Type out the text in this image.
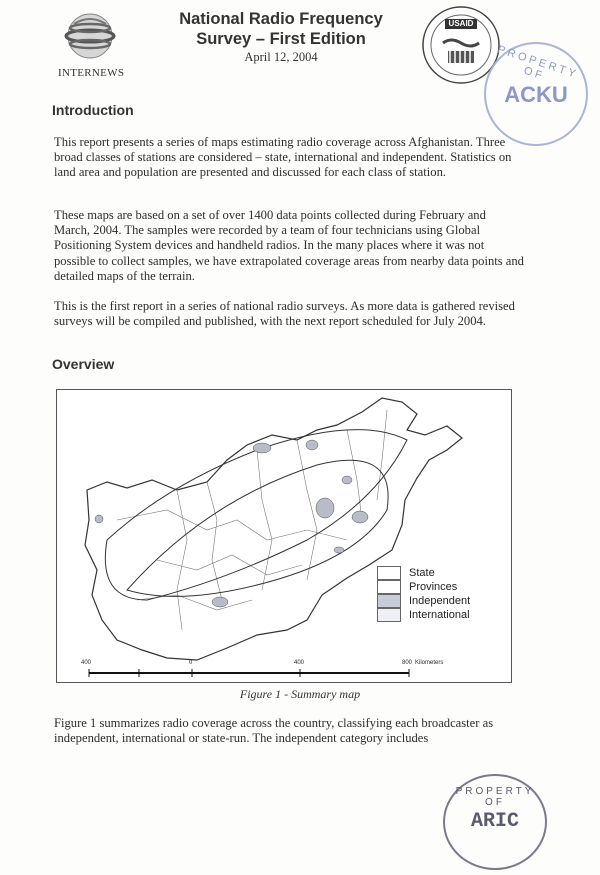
INTERNEWS
National Radio Frequency
Survey – First Edition
April 12, 2004
USAID
PROPERTY OF
ACKU
Introduction

This report presents a series of maps estimating radio coverage across Afghanistan. Three broad classes of stations are considered – state, international and independent. Statistics on land area and population are presented and discussed for each class of station.

These maps are based on a set of over 1400 data points collected during February and March, 2004. The samples were recorded by a team of four technicians using Global Positioning System devices and handheld radios. In the many places where it was not possible to collect samples, we have extrapolated coverage areas from nearby data points and detailed maps of the terrain.

This is the first report in a series of national radio surveys. As more data is gathered revised surveys will be compiled and published, with the next report scheduled for July 2004.

Overview
State
Provinces
Independent
International
400	0	400	800 Kilometers
Figure 1 - Summary map

Figure 1 summarizes radio coverage across the country, classifying each broadcaster as independent, international or state-run. The independent category includes

PROPERTY OF
ARIC
